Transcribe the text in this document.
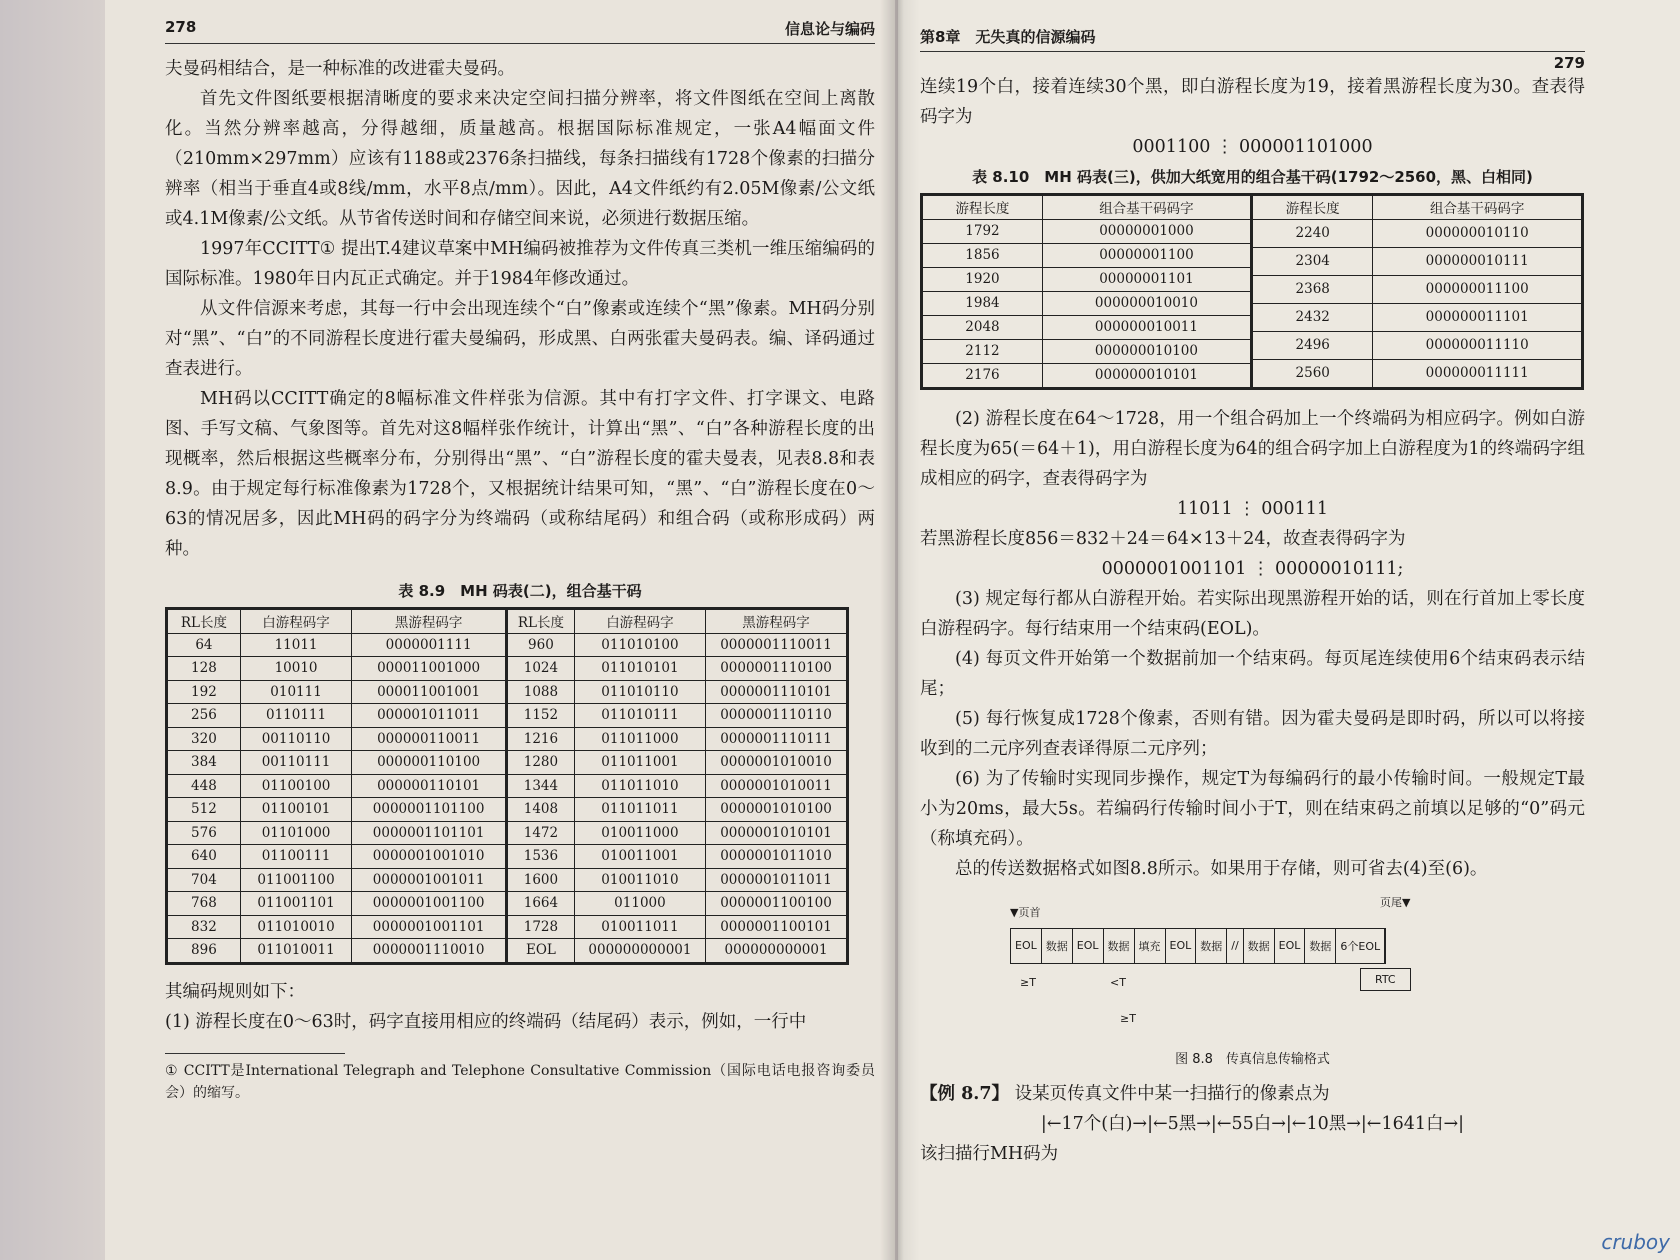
278	信息论与编码

夫曼码相结合，是一种标准的改进霍夫曼码。

首先文件图纸要根据清晰度的要求来决定空间扫描分辨率，将文件图纸在空间上离散化。当然分辨率越高，分得越细，质量越高。根据国际标准规定，一张A4幅面文件（210mm×297mm）应该有1188或2376条扫描线，每条扫描线有1728个像素的扫描分辨率（相当于垂直4或8线/mm，水平8点/mm）。因此，A4文件纸约有2.05M像素/公文纸或4.1M像素/公文纸。从节省传送时间和存储空间来说，必须进行数据压缩。

1997年CCITT① 提出T.4建议草案中MH编码被推荐为文件传真三类机一维压缩编码的国际标准。1980年日内瓦正式确定。并于1984年修改通过。

从文件信源来考虑，其每一行中会出现连续个“白”像素或连续个“黑”像素。MH码分别对“黑”、“白”的不同游程长度进行霍夫曼编码，形成黑、白两张霍夫曼码表。编、译码通过查表进行。

MH码以CCITT确定的8幅标准文件样张为信源。其中有打字文件、打字课文、电路图、手写文稿、气象图等。首先对这8幅样张作统计，计算出“黑”、“白”各种游程长度的出现概率，然后根据这些概率分布，分别得出“黑”、“白”游程长度的霍夫曼表，见表8.8和表8.9。由于规定每行标准像素为1728个，又根据统计结果可知，“黑”、“白”游程长度在0～63的情况居多，因此MH码的码字分为终端码（或称结尾码）和组合码（或称形成码）两种。

表 8.9　MH 码表(二)，组合基干码
RL长度	白游程码字	黑游程码字
64	11011	0000001111
128	10010	000011001000
192	010111	000011001001
256	0110111	000001011011
320	00110110	000000110011
384	00110111	000000110100
448	01100100	000000110101
512	01100101	0000001101100
576	01101000	0000001101101
640	01100111	0000001001010
704	011001100	0000001001011
768	011001101	0000001001100
832	011010010	0000001001101
896	011010011	0000001110010
RL长度	白游程码字	黑游程码字
960	011010100	0000001110011
1024	011010101	0000001110100
1088	011010110	0000001110101
1152	011010111	0000001110110
1216	011011000	0000001110111
1280	011011001	0000001010010
1344	011011010	0000001010011
1408	011011011	0000001010100
1472	010011000	0000001010101
1536	010011001	0000001011010
1600	010011010	0000001011011
1664	011000	0000001100100
1728	010011011	0000001100101
EOL	000000000001	000000000001

其编码规则如下：

(1) 游程长度在0～63时，码字直接用相应的终端码（结尾码）表示，例如，一行中

① CCITT是International Telegraph and Telephone Consultative Commission（国际电话电报咨询委员会）的缩写。

第8章　无失真的信源编码
279

连续19个白，接着连续30个黑，即白游程长度为19，接着黑游程长度为30。查表得码字为

0001100 ⋮ 000001101000

表 8.10　MH 码表(三)，供加大纸宽用的组合基干码(1792～2560，黑、白相同)
游程长度	组合基干码码字
1792	00000001000
1856	00000001100
1920	00000001101
1984	000000010010
2048	000000010011
2112	000000010100
2176	000000010101
游程长度	组合基干码码字
2240	000000010110
2304	000000010111
2368	000000011100
2432	000000011101
2496	000000011110
2560	000000011111

(2) 游程长度在64～1728，用一个组合码加上一个终端码为相应码字。例如白游程长度为65(＝64＋1)，用白游程长度为64的组合码字加上白游程度为1的终端码字组成相应的码字，查表得码字为

11011 ⋮ 000111

若黑游程长度856＝832＋24＝64×13＋24，故查表得码字为

0000001001101 ⋮ 00000010111;

(3) 规定每行都从白游程开始。若实际出现黑游程开始的话，则在行首加上零长度白游程码字。每行结束用一个结束码(EOL)。

(4) 每页文件开始第一个数据前加一个结束码。每页尾连续使用6个结束码表示结尾；

(5) 每行恢复成1728个像素，否则有错。因为霍夫曼码是即时码，所以可以将接收到的二元序列查表译得原二元序列；

(6) 为了传输时实现同步操作，规定T为每编码行的最小传输时间。一般规定T最小为20ms，最大5s。若编码行传输时间小于T，则在结束码之前填以足够的“0”码元（称填充码）。

总的传送数据格式如图8.8所示。如果用于存储，则可省去(4)至(6)。

▼页首
页尾▼
EOL 数据 EOL 数据 填充 EOL 数据 // 数据 EOL 数据 6个EOL
RTC
≥T	<T
≥T
图 8.8　传真信息传输格式

【例 8.7】 设某页传真文件中某一扫描行的像素点为

|←17个(白)→|←5黑→|←55白→|←10黑→|←1641白→|

该扫描行MH码为

cruboy
